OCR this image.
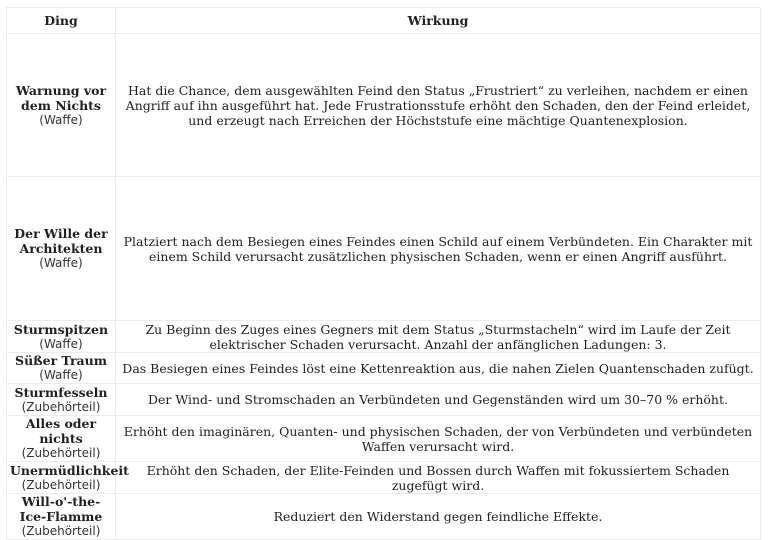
Ding	Wirkung

Warnung vor dem Nichts
(Waffe)	Hat die Chance, dem ausgewählten Feind den Status „Frustriert“ zu verleihen, nachdem er einen Angriff auf ihn ausgeführt hat. Jede Frustrationsstufe erhöht den Schaden, den der Feind erleidet, und erzeugt nach Erreichen der Höchststufe eine mächtige Quantenexplosion.

Der Wille der Architekten
(Waffe)	Platziert nach dem Besiegen eines Feindes einen Schild auf einem Verbündeten. Ein Charakter mit einem Schild verursacht zusätzlichen physischen Schaden, wenn er einen Angriff ausführt.

Sturmspitzen
(Waffe)	Zu Beginn des Zuges eines Gegners mit dem Status „Sturmstacheln“ wird im Laufe der Zeit elektrischer Schaden verursacht. Anzahl der anfänglichen Ladungen: 3.

Süßer Traum
(Waffe)	Das Besiegen eines Feindes löst eine Kettenreaktion aus, die nahen Zielen Quantenschaden zufügt.

Sturmfesseln
(Zubehörteil)	Der Wind- und Stromschaden an Verbündeten und Gegenständen wird um 30–70 % erhöht.

Alles oder nichts
(Zubehörteil)	Erhöht den imaginären, Quanten- und physischen Schaden, der von Verbündeten und verbündeten Waffen verursacht wird.

Unermüdlichkeit
(Zubehörteil)	Erhöht den Schaden, der Elite-Feinden und Bossen durch Waffen mit fokussiertem Schaden zugefügt wird.

Will-o'-the-Ice-Flamme
(Zubehörteil)	Reduziert den Widerstand gegen feindliche Effekte.
